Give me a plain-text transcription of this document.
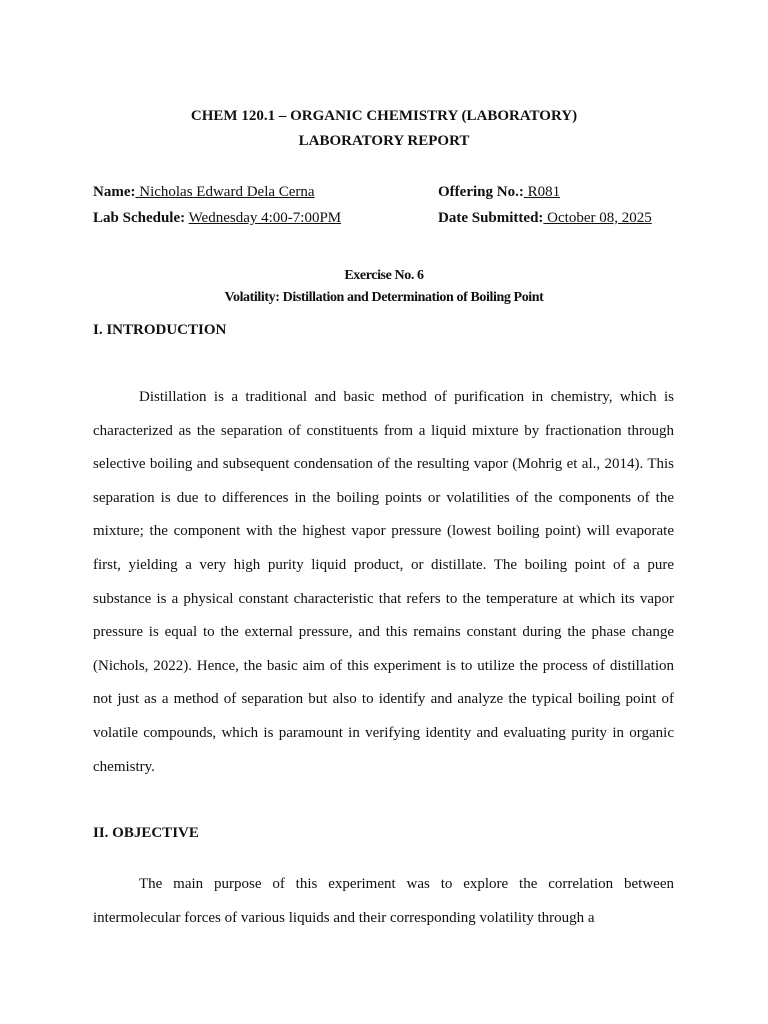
CHEM 120.1 – ORGANIC CHEMISTRY (LABORATORY)
LABORATORY REPORT
Name: Nicholas Edward Dela Cerna	Offering No.: R081
Lab Schedule: Wednesday 4:00-7:00PM	Date Submitted: October 08, 2025
Exercise No. 6
Volatility: Distillation and Determination of Boiling Point
I. INTRODUCTION

Distillation is a traditional and basic method of purification in chemistry, which is characterized as the separation of constituents from a liquid mixture by fractionation through selective boiling and subsequent condensation of the resulting vapor (Mohrig et al., 2014). This separation is due to differences in the boiling points or volatilities of the components of the mixture; the component with the highest vapor pressure (lowest boiling point) will evaporate first, yielding a very high purity liquid product, or distillate. The boiling point of a pure substance is a physical constant characteristic that refers to the temperature at which its vapor pressure is equal to the external pressure, and this remains constant during the phase change (Nichols, 2022). Hence, the basic aim of this experiment is to utilize the process of distillation not just as a method of separation but also to identify and analyze the typical boiling point of volatile compounds, which is paramount in verifying identity and evaluating purity in organic chemistry.

II. OBJECTIVE

The main purpose of this experiment was to explore the correlation between intermolecular forces of various liquids and their corresponding volatility through a
